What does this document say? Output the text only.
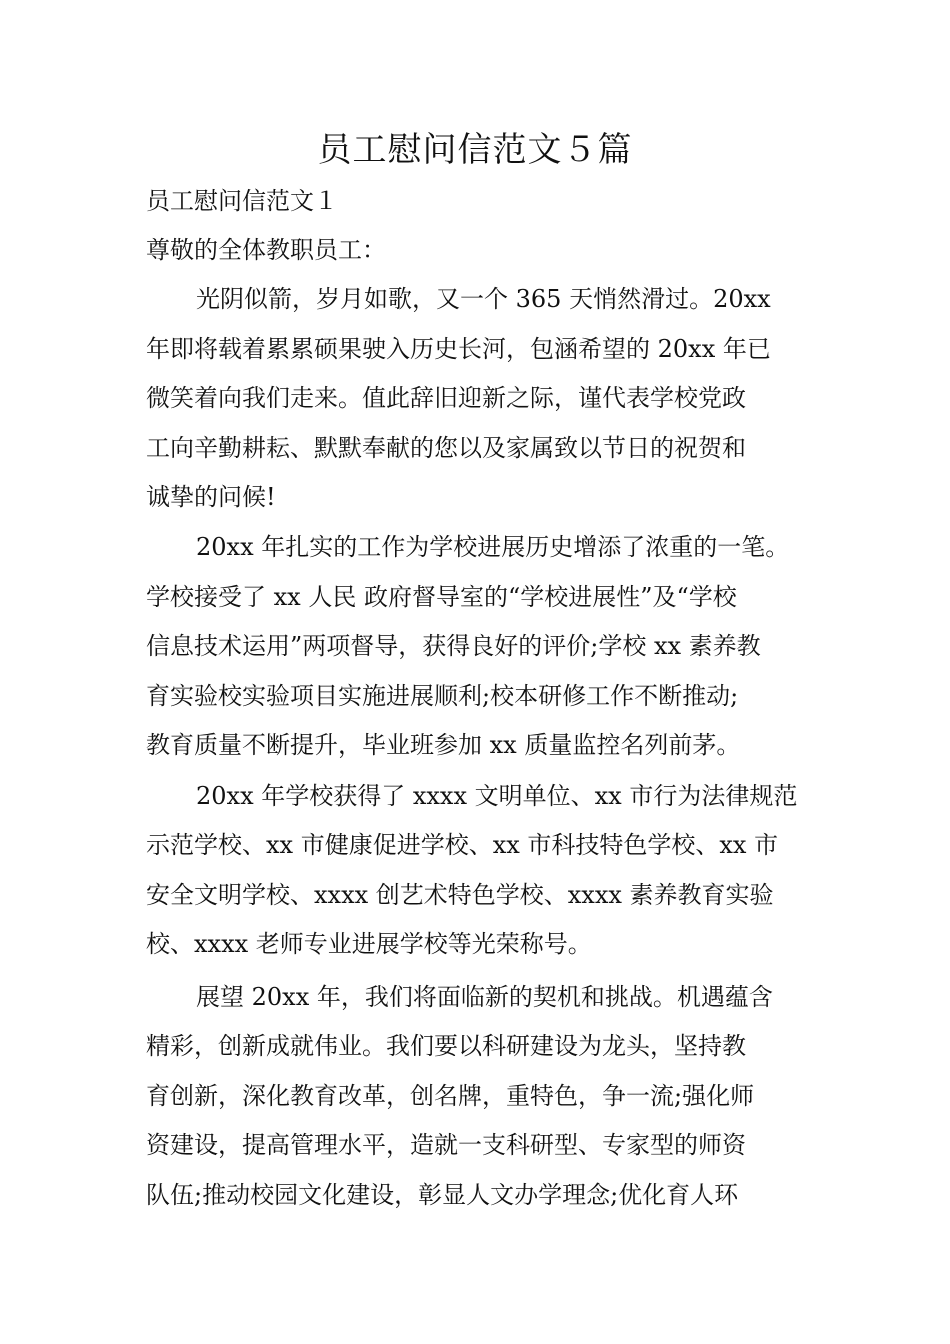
员工慰问信范文５篇

员工慰问信范文１

尊敬的全体教职员工：

光阴似箭，岁月如歌，又一个 365 天悄然滑过。20xx

年即将载着累累硕果驶入历史长河，包涵希望的 20xx 年已

微笑着向我们走来。值此辞旧迎新之际，谨代表学校党政

工向辛勤耕耘、默默奉献的您以及家属致以节日的祝贺和

诚挚的问候!

20xx 年扎实的工作为学校进展历史增添了浓重的一笔。

学校接受了 xx 人民 政府督导室的“学校进展性”及“学校

信息技术运用”两项督导，获得良好的评价;学校 xx 素养教

育实验校实验项目实施进展顺利;校本研修工作不断推动;

教育质量不断提升，毕业班参加 xx 质量监控名列前茅。

20xx 年学校获得了 xxxx 文明单位、xx 市行为法律规范

示范学校、xx 市健康促进学校、xx 市科技特色学校、xx 市

安全文明学校、xxxx 创艺术特色学校、xxxx 素养教育实验

校、xxxx 老师专业进展学校等光荣称号。

展望 20xx 年，我们将面临新的契机和挑战。机遇蕴含

精彩，创新成就伟业。我们要以科研建设为龙头，坚持教

育创新，深化教育改革，创名牌，重特色，争一流;强化师

资建设，提高管理水平，造就一支科研型、专家型的师资

队伍;推动校园文化建设，彰显人文办学理念;优化育人环
